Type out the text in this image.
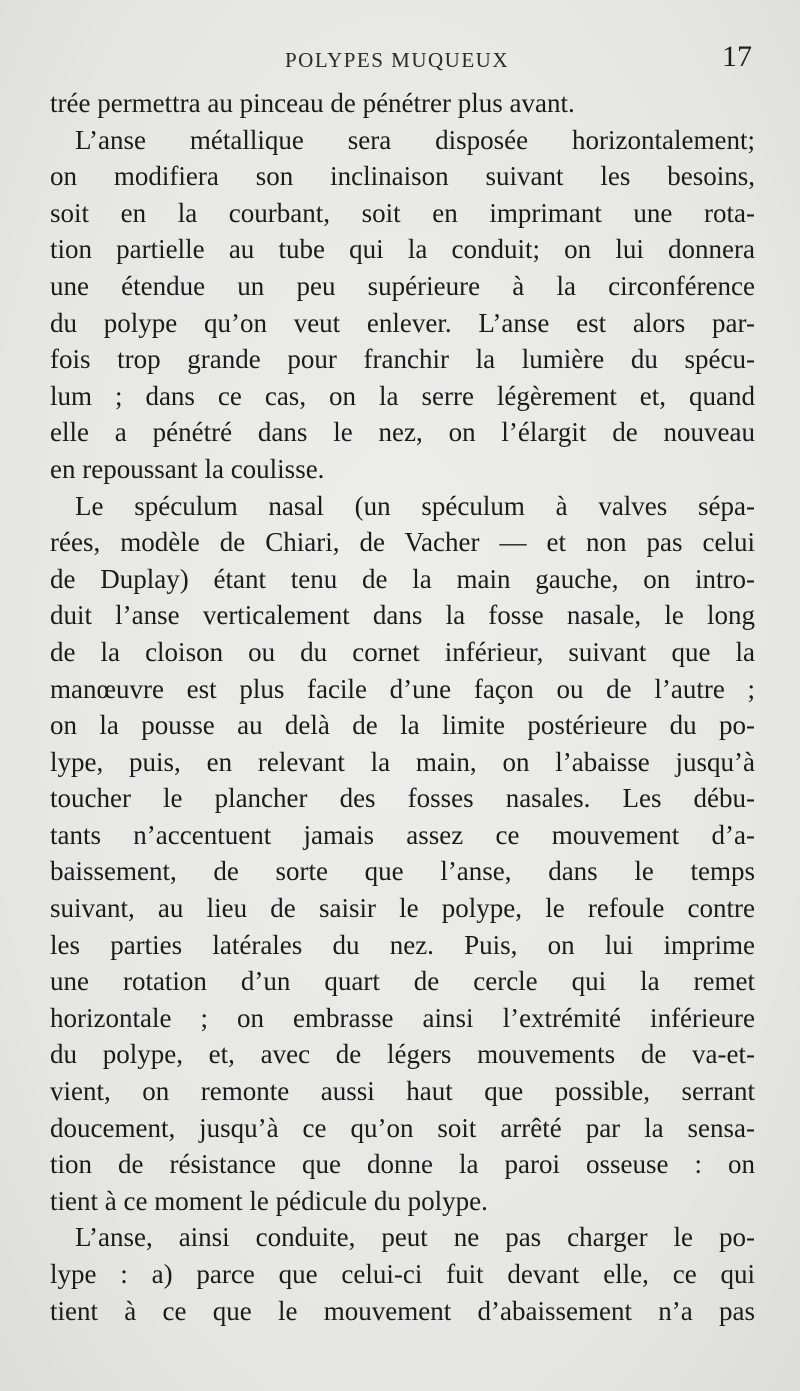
POLYPES MUQUEUX	17
trée permettra au pinceau de pénétrer plus avant.
L’anse métallique sera disposée horizontalement;
on modifiera son inclinaison suivant les besoins,
soit en la courbant, soit en imprimant une rota-
tion partielle au tube qui la conduit; on lui donnera
une étendue un peu supérieure à la circonférence
du polype qu’on veut enlever. L’anse est alors par-
fois trop grande pour franchir la lumière du spécu-
lum ; dans ce cas, on la serre légèrement et, quand
elle a pénétré dans le nez, on l’élargit de nouveau
en repoussant la coulisse.
Le spéculum nasal (un spéculum à valves sépa-
rées, modèle de Chiari, de Vacher — et non pas celui
de Duplay) étant tenu de la main gauche, on intro-
duit l’anse verticalement dans la fosse nasale, le long
de la cloison ou du cornet inférieur, suivant que la
manœuvre est plus facile d’une façon ou de l’autre ;
on la pousse au delà de la limite postérieure du po-
lype, puis, en relevant la main, on l’abaisse jusqu’à
toucher le plancher des fosses nasales. Les débu-
tants n’accentuent jamais assez ce mouvement d’a-
baissement, de sorte que l’anse, dans le temps
suivant, au lieu de saisir le polype, le refoule contre
les parties latérales du nez. Puis, on lui imprime
une rotation d’un quart de cercle qui la remet
horizontale ; on embrasse ainsi l’extrémité inférieure
du polype, et, avec de légers mouvements de va-et-
vient, on remonte aussi haut que possible, serrant
doucement, jusqu’à ce qu’on soit arrêté par la sensa-
tion de résistance que donne la paroi osseuse : on
tient à ce moment le pédicule du polype.
L’anse, ainsi conduite, peut ne pas charger le po-
lype : a) parce que celui-ci fuit devant elle, ce qui
tient à ce que le mouvement d’abaissement n’a pas
